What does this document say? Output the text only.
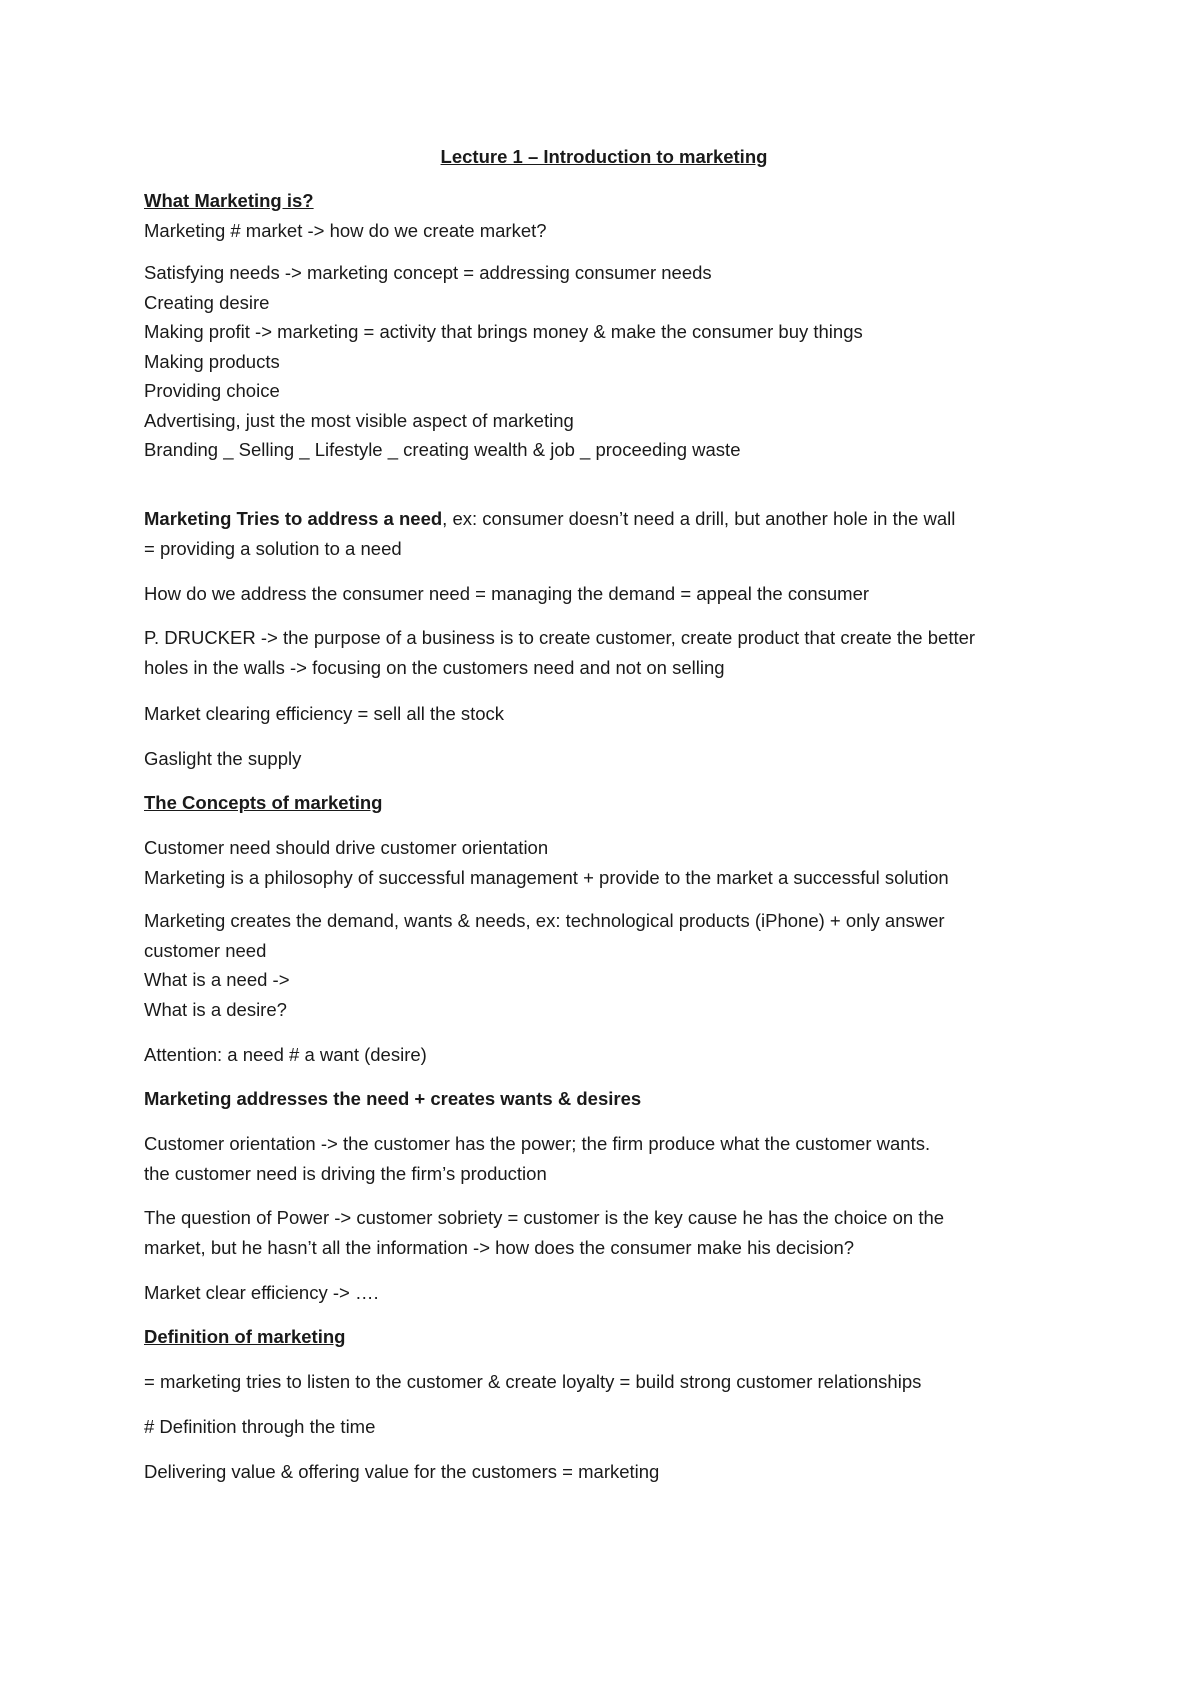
Lecture 1 – Introduction to marketing

What Marketing is?

Marketing # market -> how do we create market?

Satisfying needs -> marketing concept = addressing consumer needs
Creating desire
Making profit -> marketing = activity that brings money & make the consumer buy things
Making products
Providing choice
Advertising, just the most visible aspect of marketing
Branding _ Selling _ Lifestyle _ creating wealth & job _ proceeding waste

Marketing Tries to address a need, ex: consumer doesn’t need a drill, but another hole in the wall
= providing a solution to a need

How do we address the consumer need = managing the demand = appeal the consumer

P. DRUCKER -> the purpose of a business is to create customer, create product that create the better
holes in the walls -> focusing on the customers need and not on selling

Market clearing efficiency = sell all the stock

Gaslight the supply

The Concepts of marketing

Customer need should drive customer orientation
Marketing is a philosophy of successful management + provide to the market a successful solution

Marketing creates the demand, wants & needs, ex: technological products (iPhone) + only answer
customer need
What is a need ->
What is a desire?

Attention: a need # a want (desire)

Marketing addresses the need + creates wants & desires

Customer orientation -> the customer has the power; the firm produce what the customer wants.
the customer need is driving the firm’s production

The question of Power -> customer sobriety = customer is the key cause he has the choice on the
market, but he hasn’t all the information -> how does the consumer make his decision?

Market clear efficiency -> ….

Definition of marketing

= marketing tries to listen to the customer & create loyalty = build strong customer relationships

# Definition through the time

Delivering value & offering value for the customers = marketing
